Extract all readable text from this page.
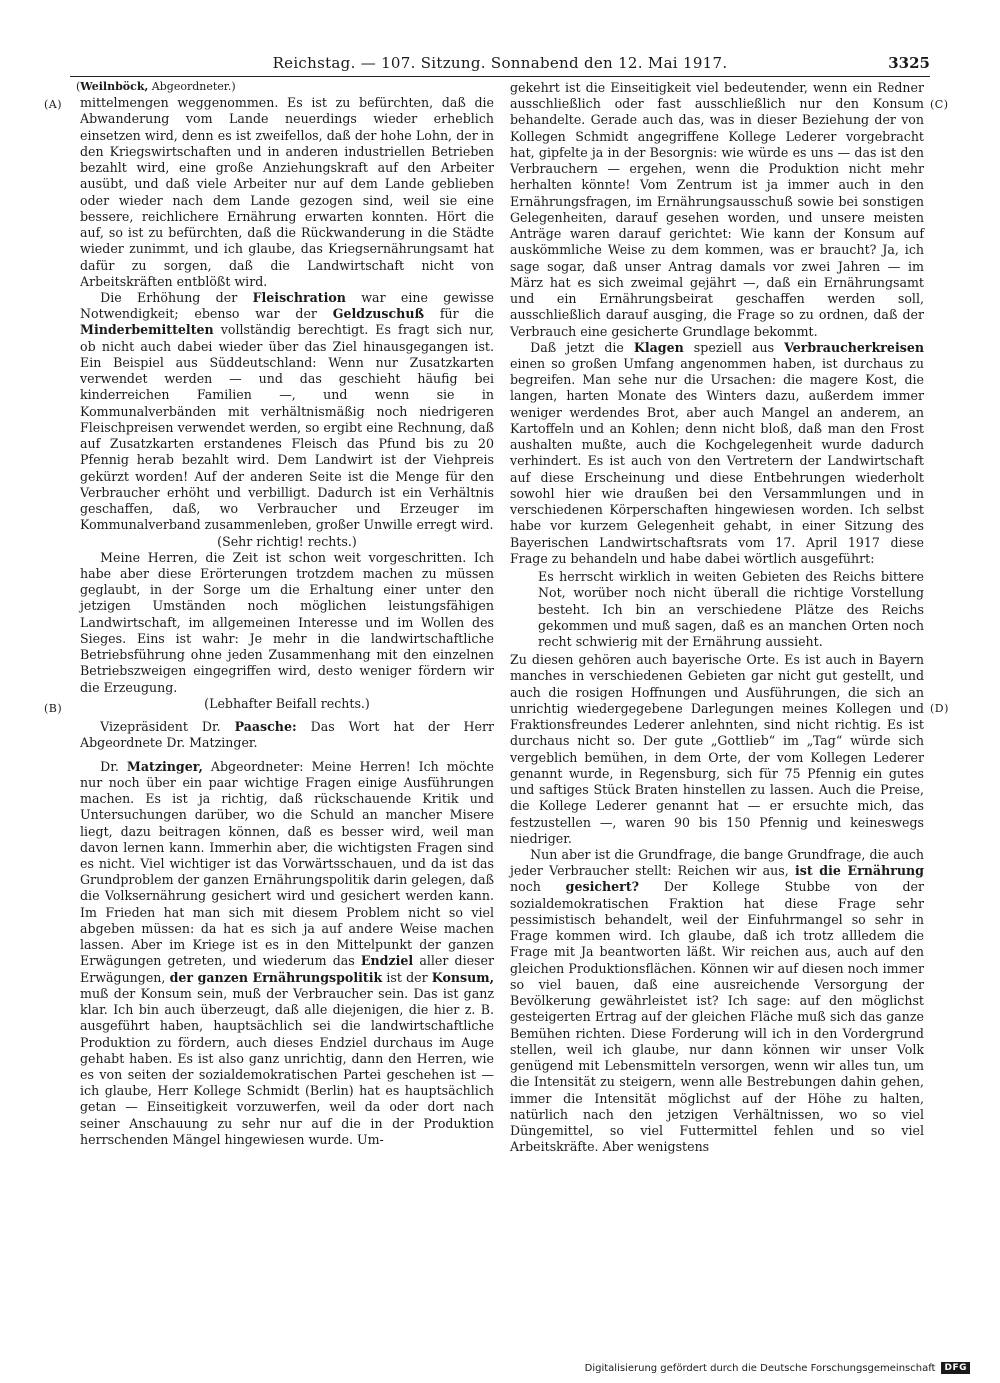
Reichstag. — 107. Sitzung. Sonnabend den 12. Mai 1917.	3325
(A)
(B)
(C)
(D)
(Weilnböck, Abgeordneter.)

mittelmengen weggenommen. Es ist zu befürchten, daß die Abwanderung vom Lande neuerdings wieder erheblich einsetzen wird, denn es ist zweifellos, daß der hohe Lohn, der in den Kriegswirtschaften und in anderen industriellen Betrieben bezahlt wird, eine große Anziehungskraft auf den Arbeiter ausübt, und daß viele Arbeiter nur auf dem Lande geblieben oder wieder nach dem Lande gezogen sind, weil sie eine bessere, reichlichere Ernährung erwarten konnten. Hört die auf, so ist zu befürchten, daß die Rückwanderung in die Städte wieder zunimmt, und ich glaube, das Kriegsernährungsamt hat dafür zu sorgen, daß die Landwirtschaft nicht von Arbeitskräften entblößt wird.

Die Erhöhung der Fleischration war eine gewisse Notwendigkeit; ebenso war der Geldzuschuß für die Minderbemittelten vollständig berechtigt. Es fragt sich nur, ob nicht auch dabei wieder über das Ziel hinausgegangen ist. Ein Beispiel aus Süddeutschland: Wenn nur Zusatzkarten verwendet werden — und das geschieht häufig bei kinderreichen Familien —, und wenn sie in Kommunalverbänden mit verhältnismäßig noch niedrigeren Fleischpreisen verwendet werden, so ergibt eine Rechnung, daß auf Zusatzkarten erstandenes Fleisch das Pfund bis zu 20 Pfennig herab bezahlt wird. Dem Landwirt ist der Viehpreis gekürzt worden! Auf der anderen Seite ist die Menge für den Verbraucher erhöht und verbilligt. Dadurch ist ein Verhältnis geschaffen, daß, wo Verbraucher und Erzeuger im Kommunalverband zusammenleben, großer Unwille erregt wird.

(Sehr richtig! rechts.)

Meine Herren, die Zeit ist schon weit vorgeschritten. Ich habe aber diese Erörterungen trotzdem machen zu müssen geglaubt, in der Sorge um die Erhaltung einer unter den jetzigen Umständen noch möglichen leistungsfähigen Landwirtschaft, im allgemeinen Interesse und im Wollen des Sieges. Eins ist wahr: Je mehr in die landwirtschaftliche Betriebsführung ohne jeden Zusammenhang mit den einzelnen Betriebszweigen eingegriffen wird, desto weniger fördern wir die Erzeugung.

(Lebhafter Beifall rechts.)

Vizepräsident Dr. Paasche: Das Wort hat der Herr Abgeordnete Dr. Matzinger.

Dr. Matzinger, Abgeordneter: Meine Herren! Ich möchte nur noch über ein paar wichtige Fragen einige Ausführungen machen. Es ist ja richtig, daß rückschauende Kritik und Untersuchungen darüber, wo die Schuld an mancher Misere liegt, dazu beitragen können, daß es besser wird, weil man davon lernen kann. Immerhin aber, die wichtigsten Fragen sind es nicht. Viel wichtiger ist das Vorwärtsschauen, und da ist das Grundproblem der ganzen Ernährungspolitik darin gelegen, daß die Volksernährung gesichert wird und gesichert werden kann. Im Frieden hat man sich mit diesem Problem nicht so viel abgeben müssen: da hat es sich ja auf andere Weise machen lassen. Aber im Kriege ist es in den Mittelpunkt der ganzen Erwägungen getreten, und wiederum das Endziel aller dieser Erwägungen, der ganzen Ernährungspolitik ist der Konsum, muß der Konsum sein, muß der Verbraucher sein. Das ist ganz klar. Ich bin auch überzeugt, daß alle diejenigen, die hier z. B. ausgeführt haben, hauptsächlich sei die landwirtschaftliche Produktion zu fördern, auch dieses Endziel durchaus im Auge gehabt haben. Es ist also ganz unrichtig, dann den Herren, wie es von seiten der sozialdemokratischen Partei geschehen ist — ich glaube, Herr Kollege Schmidt (Berlin) hat es hauptsächlich getan — Einseitigkeit vorzuwerfen, weil da oder dort nach seiner Anschauung zu sehr nur auf die in der Produktion herrschenden Mängel hingewiesen wurde. Um-

gekehrt ist die Einseitigkeit viel bedeutender, wenn ein Redner ausschließlich oder fast ausschließlich nur den Konsum behandelte. Gerade auch das, was in dieser Beziehung der von Kollegen Schmidt angegriffene Kollege Lederer vorgebracht hat, gipfelte ja in der Besorgnis: wie würde es uns — das ist den Verbrauchern — ergehen, wenn die Produktion nicht mehr herhalten könnte! Vom Zentrum ist ja immer auch in den Ernährungsfragen, im Ernährungsausschuß sowie bei sonstigen Gelegenheiten, darauf gesehen worden, und unsere meisten Anträge waren darauf gerichtet: Wie kann der Konsum auf auskömmliche Weise zu dem kommen, was er braucht? Ja, ich sage sogar, daß unser Antrag damals vor zwei Jahren — im März hat es sich zweimal gejährt —, daß ein Ernährungsamt und ein Ernährungsbeirat geschaffen werden soll, ausschließlich darauf ausging, die Frage so zu ordnen, daß der Verbrauch eine gesicherte Grundlage bekommt.

Daß jetzt die Klagen speziell aus Verbraucherkreisen einen so großen Umfang angenommen haben, ist durchaus zu begreifen. Man sehe nur die Ursachen: die magere Kost, die langen, harten Monate des Winters dazu, außerdem immer weniger werdendes Brot, aber auch Mangel an anderem, an Kartoffeln und an Kohlen; denn nicht bloß, daß man den Frost aushalten mußte, auch die Kochgelegenheit wurde dadurch verhindert. Es ist auch von den Vertretern der Landwirtschaft auf diese Erscheinung und diese Entbehrungen wiederholt sowohl hier wie draußen bei den Versammlungen und in verschiedenen Körperschaften hingewiesen worden. Ich selbst habe vor kurzem Gelegenheit gehabt, in einer Sitzung des Bayerischen Landwirtschaftsrats vom 17. April 1917 diese Frage zu behandeln und habe dabei wörtlich ausgeführt:

Es herrscht wirklich in weiten Gebieten des Reichs bittere Not, worüber noch nicht überall die richtige Vorstellung besteht. Ich bin an verschiedene Plätze des Reichs gekommen und muß sagen, daß es an manchen Orten noch recht schwierig mit der Ernährung aussieht.

Zu diesen gehören auch bayerische Orte. Es ist auch in Bayern manches in verschiedenen Gebieten gar nicht gut gestellt, und auch die rosigen Hoffnungen und Ausführungen, die sich an unrichtig wiedergegebene Darlegungen meines Kollegen und Fraktionsfreundes Lederer anlehnten, sind nicht richtig. Es ist durchaus nicht so. Der gute „Gottlieb“ im „Tag“ würde sich vergeblich bemühen, in dem Orte, der vom Kollegen Lederer genannt wurde, in Regensburg, sich für 75 Pfennig ein gutes und saftiges Stück Braten hinstellen zu lassen. Auch die Preise, die Kollege Lederer genannt hat — er ersuchte mich, das festzustellen —, waren 90 bis 150 Pfennig und keineswegs niedriger.

Nun aber ist die Grundfrage, die bange Grundfrage, die auch jeder Verbraucher stellt: Reichen wir aus, ist die Ernährung noch gesichert? Der Kollege Stubbe von der sozialdemokratischen Fraktion hat diese Frage sehr pessimistisch behandelt, weil der Einfuhrmangel so sehr in Frage kommen wird. Ich glaube, daß ich trotz allledem die Frage mit Ja beantworten läßt. Wir reichen aus, auch auf den gleichen Produktionsflächen. Können wir auf diesen noch immer so viel bauen, daß eine ausreichende Versorgung der Bevölkerung gewährleistet ist? Ich sage: auf den möglichst gesteigerten Ertrag auf der gleichen Fläche muß sich das ganze Bemühen richten. Diese Forderung will ich in den Vordergrund stellen, weil ich glaube, nur dann können wir unser Volk genügend mit Lebensmitteln versorgen, wenn wir alles tun, um die Intensität zu steigern, wenn alle Bestrebungen dahin gehen, immer die Intensität möglichst auf der Höhe zu halten, natürlich nach den jetzigen Verhältnissen, wo so viel Düngemittel, so viel Futtermittel fehlen und so viel Arbeitskräfte. Aber wenigstens

Digitalisierung gefördert durch die Deutsche Forschungsgemeinschaft	DFG
